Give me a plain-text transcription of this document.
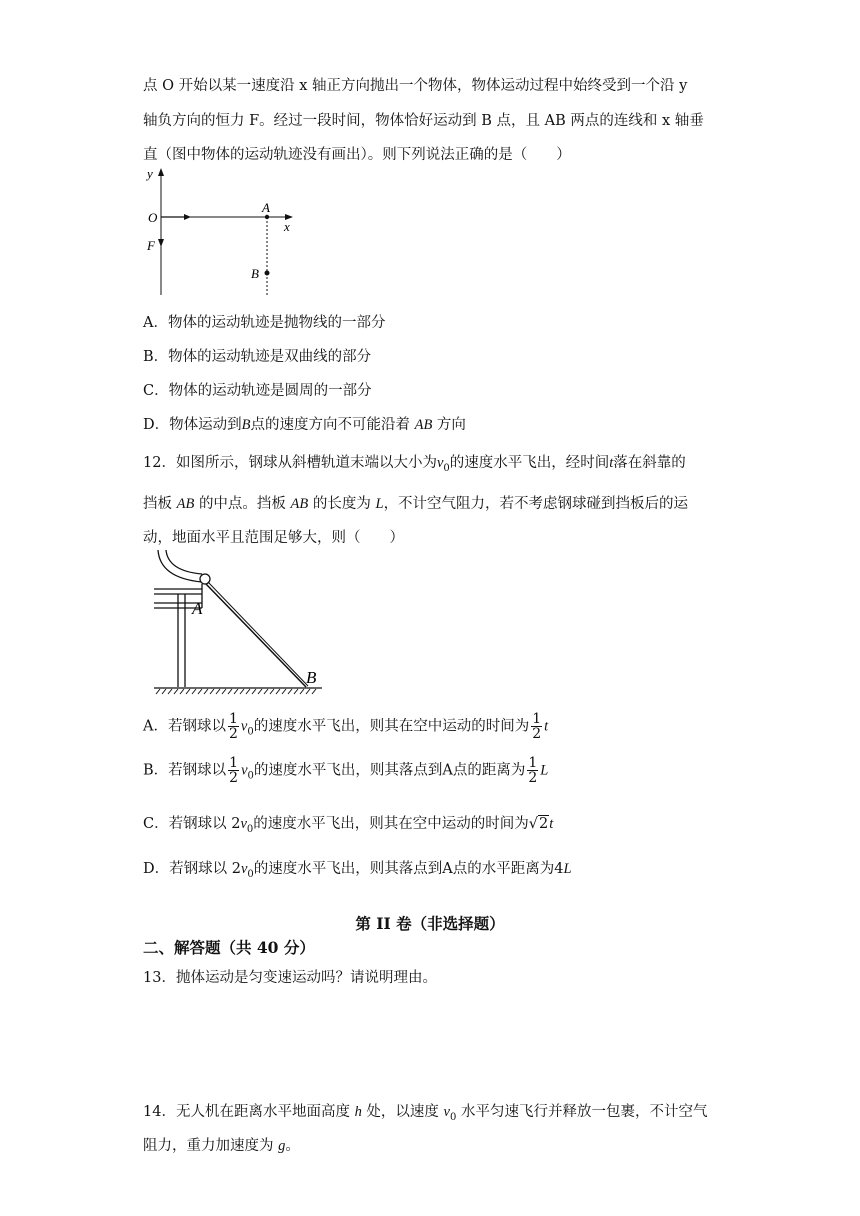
点 O 开始以某一速度沿 x 轴正方向抛出一个物体，物体运动过程中始终受到一个沿 y
轴负方向的恒力 F。经过一段时间，物体恰好运动到 B 点，且 AB 两点的连线和 x 轴垂
直（图中物体的运动轨迹没有画出）。则下列说法正确的是（　　）
y
O
A
x
F
B
A．物体的运动轨迹是抛物线的一部分
B．物体的运动轨迹是双曲线的部分
C．物体的运动轨迹是圆周的一部分
D．物体运动到B点的速度方向不可能沿着 AB 方向
12．如图所示，钢球从斜槽轨道末端以大小为$v_0$的速度水平飞出，经时间t落在斜靠的
挡板 AB 的中点。挡板 AB 的长度为 L，不计空气阻力，若不考虑钢球碰到挡板后的运
动，地面水平且范围足够大，则（　　）
A
B
A．若钢球以 $\frac{1}{2} v_0$的速度水平飞出，则其在空中运动的时间为 $\frac{1}{2}$ t
B．若钢球以 $\frac{1}{2} v_0$的速度水平飞出，则其落点到A点的距离为 $\frac{1}{2}$ L
C．若钢球以 $2v_0$的速度水平飞出，则其在空中运动的时间为√2t
D．若钢球以 $2v_0$的速度水平飞出，则其落点到A点的水平距离为4L
第 II 卷（非选择题）
二、解答题（共 40 分）
13．抛体运动是匀变速运动吗？请说明理由。
14．无人机在距离水平地面高度 h 处，以速度 $v_0$ 水平匀速飞行并释放一包裹，不计空气
阻力，重力加速度为 g。
